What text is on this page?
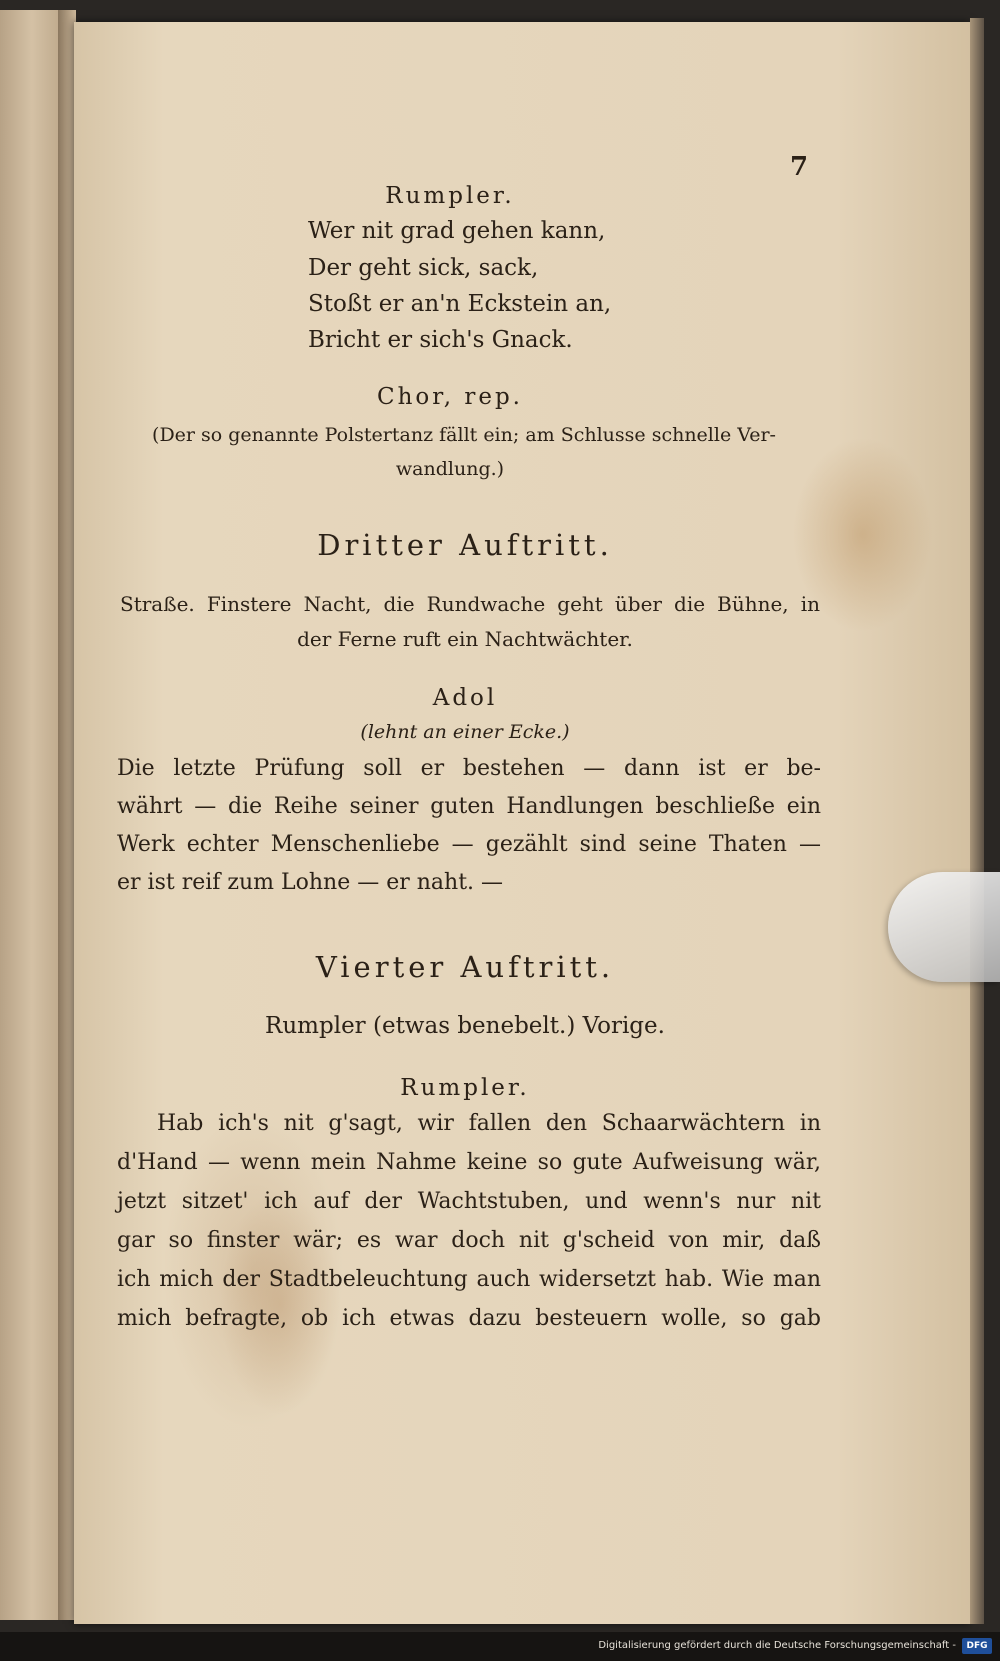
7
Rumpler.
Wer nit grad gehen kann,
Der geht sick, sack,
Stoßt er an'n Eckstein an,
Bricht er sich's Gnack.
Chor, rep.
(Der so genannte Polstertanz fällt ein; am Schlusse schnelle Ver-
wandlung.)
Dritter Auftritt.
Straße. Finstere Nacht, die Rundwache geht über die Bühne, in
der Ferne ruft ein Nachtwächter.
Adol
(lehnt an einer Ecke.)
Die letzte Prüfung soll er bestehen — dann ist er be-
währt — die Reihe seiner guten Handlungen beschließe ein
Werk echter Menschenliebe — gezählt sind seine Thaten —
er ist reif zum Lohne — er naht. —
Vierter Auftritt.
Rumpler (etwas benebelt.) Vorige.
Rumpler.
Hab ich's nit g'sagt, wir fallen den Schaarwächtern in
d'Hand — wenn mein Nahme keine so gute Aufweisung wär,
jetzt sitzet' ich auf der Wachtstuben, und wenn's nur nit
gar so finster wär; es war doch nit g'scheid von mir, daß
ich mich der Stadtbeleuchtung auch widersetzt hab. Wie man
mich befragte, ob ich etwas dazu besteuern wolle, so gab
Digitalisierung gefördert durch die Deutsche Forschungsgemeinschaft -	DFG
